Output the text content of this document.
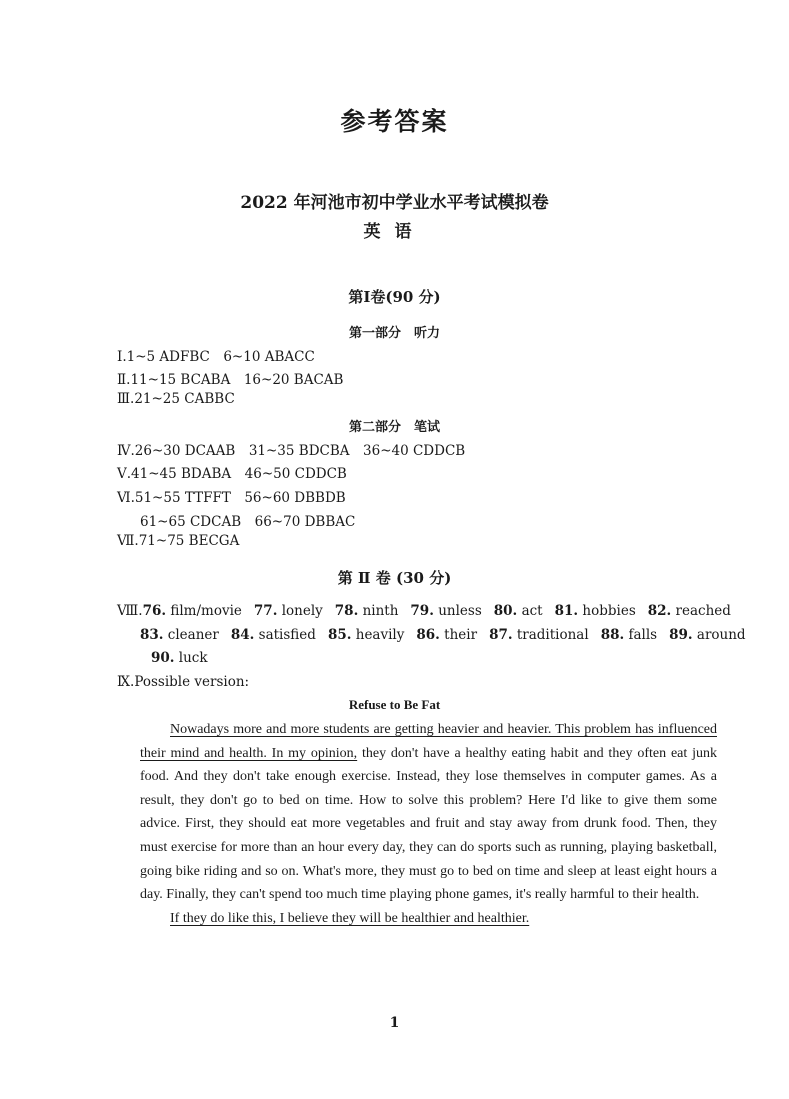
参考答案
2022 年河池市初中学业水平考试模拟卷
英语
第Ⅰ卷(90 分)
第一部分　听力
Ⅰ.1~5 ADFBC　6~10 ABACC
Ⅱ.11~15 BCABA　16~20 BACAB
Ⅲ.21~25 CABBC
第二部分　笔试
Ⅳ.26~30 DCAAB　31~35 BDCBA　36~40 CDDCB
Ⅴ.41~45 BDABA　46~50 CDDCB
Ⅵ.51~55 TTFFT　56~60 DBBDB
61~65 CDCAB　66~70 DBBAC
Ⅶ.71~75 BECGA
第 Ⅱ 卷 (30 分)
Ⅷ.76. film/movie 77. lonely 78. ninth 79. unless 80. act 81. hobbies 82. reached
83. cleaner 84. satisfied 85. heavily 86. their 87. traditional 88. falls 89. around
90. luck
Ⅸ.Possible version:
Refuse to Be Fat

Nowadays more and more students are getting heavier and heavier. This problem has influenced their mind and health. In my opinion, they don't have a healthy eating habit and they often eat junk food. And they don't take enough exercise. Instead, they lose themselves in computer games. As a result, they don't go to bed on time. How to solve this problem? Here I'd like to give them some advice. First, they should eat more vegetables and fruit and stay away from drunk food. Then, they must exercise for more than an hour every day, they can do sports such as running, playing basketball, going bike riding and so on. What's more, they must go to bed on time and sleep at least eight hours a day. Finally, they can't spend too much time playing phone games, it's really harmful to their health.

If they do like this, I believe they will be healthier and healthier.

1
